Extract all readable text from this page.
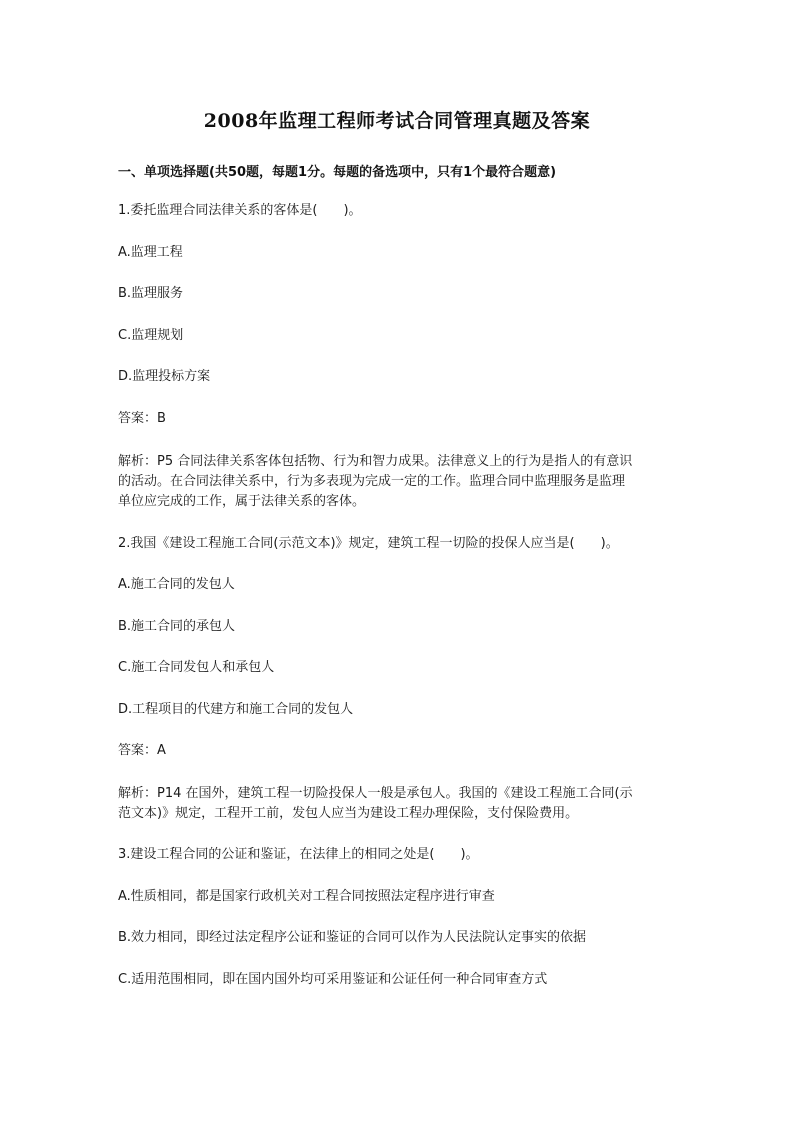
2008年监理工程师考试合同管理真题及答案
一、单项选择题(共50题，每题1分。每题的备选项中，只有1个最符合题意)
1.委托监理合同法律关系的客体是(　　)。
A.监理工程
B.监理服务
C.监理规划
D.监理投标方案
答案：B
解析：P5 合同法律关系客体包括物、行为和智力成果。法律意义上的行为是指人的有意识
的活动。在合同法律关系中，行为多表现为完成一定的工作。监理合同中监理服务是监理
单位应完成的工作，属于法律关系的客体。
2.我国《建设工程施工合同(示范文本)》规定，建筑工程一切险的投保人应当是(　　)。
A.施工合同的发包人
B.施工合同的承包人
C.施工合同发包人和承包人
D.工程项目的代建方和施工合同的发包人
答案：A
解析：P14 在国外，建筑工程一切险投保人一般是承包人。我国的《建设工程施工合同(示
范文本)》规定，工程开工前，发包人应当为建设工程办理保险，支付保险费用。
3.建设工程合同的公证和鉴证，在法律上的相同之处是(　　)。
A.性质相同，都是国家行政机关对工程合同按照法定程序进行审查
B.效力相同，即经过法定程序公证和鉴证的合同可以作为人民法院认定事实的依据
C.适用范围相同，即在国内国外均可采用鉴证和公证任何一种合同审查方式
